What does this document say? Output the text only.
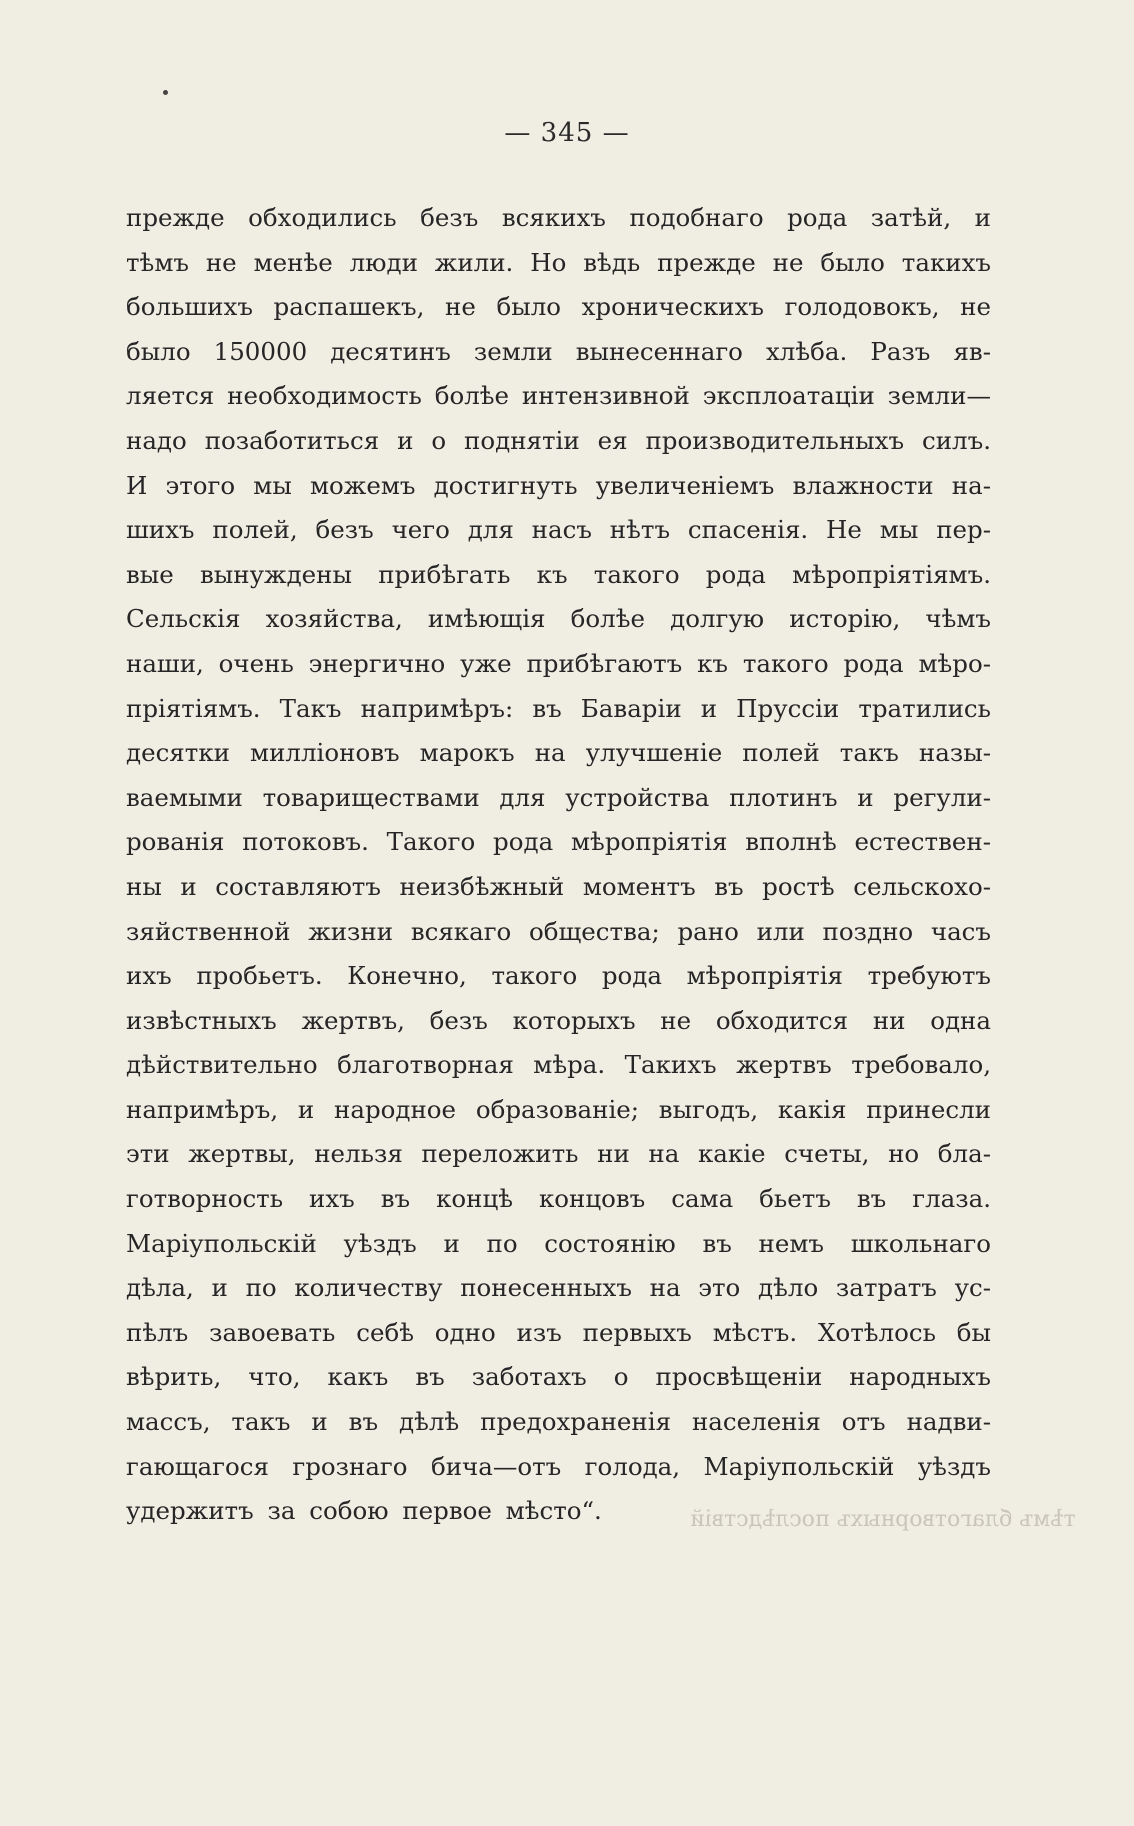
— 345 —
прежде обходились безъ всякихъ подобнаго рода затѣй, и
тѣмъ не менѣе люди жили. Но вѣдь прежде не было такихъ
большихъ распашекъ, не было хроническихъ голодовокъ, не
было 150000 десятинъ земли вынесеннаго хлѣба. Разъ яв-
ляется необходимость болѣе интензивной эксплоатаціи земли—
надо позаботиться и о поднятіи ея производительныхъ силъ.
И этого мы можемъ достигнуть увеличеніемъ влажности на-
шихъ полей, безъ чего для насъ нѣтъ спасенія. Не мы пер-
вые вынуждены прибѣгать къ такого рода мѣропріятіямъ.
Сельскія хозяйства, имѣющія болѣе долгую исторію, чѣмъ
наши, очень энергично уже прибѣгаютъ къ такого рода мѣро-
пріятіямъ. Такъ напримѣръ: въ Баваріи и Пруссіи тратились
десятки милліоновъ марокъ на улучшеніе полей такъ назы-
ваемыми товариществами для устройства плотинъ и регули-
рованія потоковъ. Такого рода мѣропріятія вполнѣ естествен-
ны и составляютъ неизбѣжный моментъ въ ростѣ сельскохо-
зяйственной жизни всякаго общества; рано или поздно часъ
ихъ пробьетъ. Конечно, такого рода мѣропріятія требуютъ
извѣстныхъ жертвъ, безъ которыхъ не обходится ни одна
дѣйствительно благотворная мѣра. Такихъ жертвъ требовало,
напримѣръ, и народное образованіе; выгодъ, какія принесли
эти жертвы, нельзя переложить ни на какіе счеты, но бла-
готворность ихъ въ концѣ концовъ сама бьетъ въ глаза.
Маріупольскій уѣздъ и по состоянію въ немъ школьнаго
дѣла, и по количеству понесенныхъ на это дѣло затратъ ус-
пѣлъ завоевать себѣ одно изъ первыхъ мѣстъ. Хотѣлось бы
вѣрить, что, какъ въ заботахъ о просвѣщеніи народныхъ
массъ, такъ и въ дѣлѣ предохраненія населенія отъ надви-
гающагося грознаго бича—отъ голода, Маріупольскій уѣздъ
удержитъ за собою первое мѣсто“.	тѣмъ благотворныхъ послѣдствій
